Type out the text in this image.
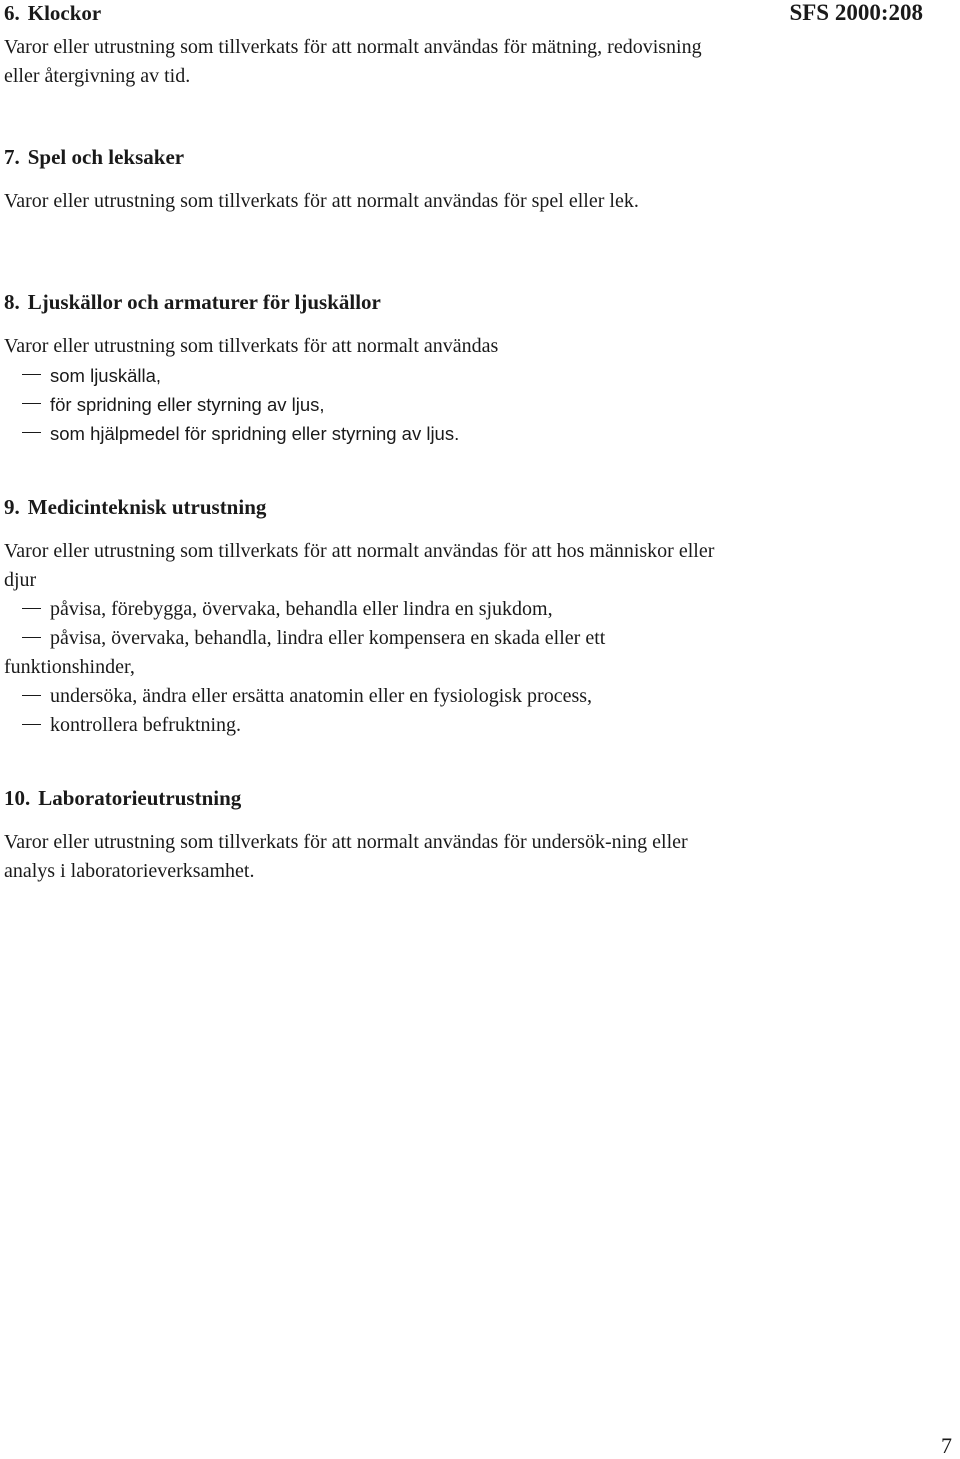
SFS 2000:208

6. Klockor

Varor eller utrustning som tillverkats för att normalt användas för mätning, redovisning eller återgivning av tid.

7. Spel och leksaker

Varor eller utrustning som tillverkats för att normalt användas för spel eller lek.

8. Ljuskällor och armaturer för ljuskällor

Varor eller utrustning som tillverkats för att normalt användas

som ljuskälla,
för spridning eller styrning av ljus,
som hjälpmedel för spridning eller styrning av ljus.
9. Medicinteknisk utrustning

Varor eller utrustning som tillverkats för att normalt användas för att hos människor eller djur

påvisa, förebygga, övervaka, behandla eller lindra en sjukdom,
påvisa, övervaka, behandla, lindra eller kompensera en skada eller ett
funktionshinder,
undersöka, ändra eller ersätta anatomin eller en fysiologisk process,
kontrollera befruktning.
10. Laboratorieutrustning

Varor eller utrustning som tillverkats för att normalt användas för undersök-ning eller analys i laboratorieverksamhet.

7
